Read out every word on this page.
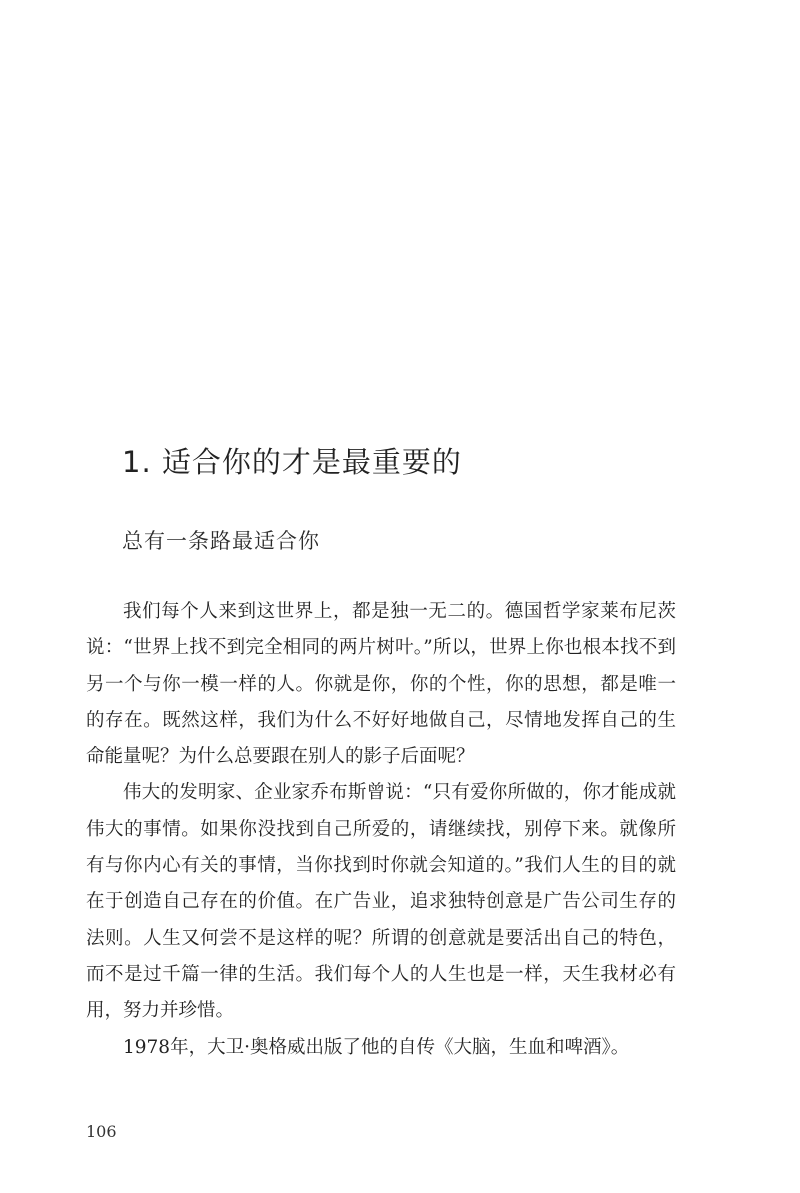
1. 适合你的才是最重要的
总有一条路最适合你

我们每个人来到这世界上，都是独一无二的。德国哲学家莱布尼茨说：“世界上找不到完全相同的两片树叶。”所以，世界上你也根本找不到另一个与你一模一样的人。你就是你，你的个性，你的思想，都是唯一的存在。既然这样，我们为什么不好好地做自己，尽情地发挥自己的生命能量呢？为什么总要跟在别人的影子后面呢？

伟大的发明家、企业家乔布斯曾说：“只有爱你所做的，你才能成就伟大的事情。如果你没找到自己所爱的，请继续找，别停下来。就像所有与你内心有关的事情，当你找到时你就会知道的。”我们人生的目的就在于创造自己存在的价值。在广告业，追求独特创意是广告公司生存的法则。人生又何尝不是这样的呢？所谓的创意就是要活出自己的特色，而不是过千篇一律的生活。我们每个人的人生也是一样，天生我材必有用，努力并珍惜。

1978年，大卫·奥格威出版了他的自传《大脑，生血和啤酒》。

106
